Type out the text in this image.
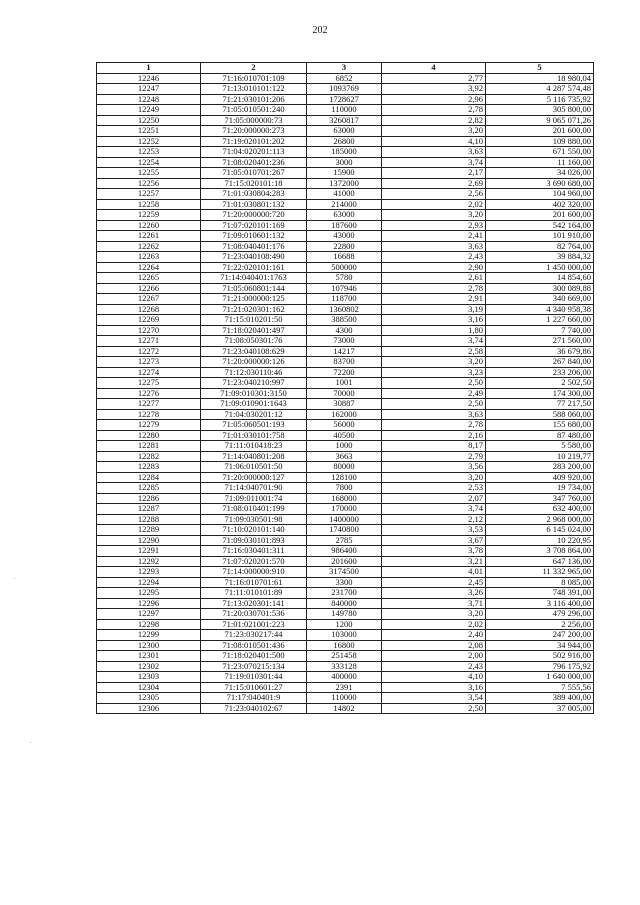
202
1	2	3	4	5
12246	71:16:010701:109	6852	2,77	18 980,04
12247	71:13:010101:122	1093769	3,92	4 287 574,48
12248	71:21:030101:206	1728627	2,96	5 116 735,92
12249	71:05:010501:240	110000	2,78	305 800,00
12250	71:05:000000:73	3260817	2,82	9 065 071,26
12251	71:20:000000:273	63000	3,20	201 600,00
12252	71:19:020101:202	26800	4,10	109 880,00
12253	71:04:020201:113	185000	3,63	671 550,00
12254	71:08:020401:236	3000	3,74	11 160,00
12255	71:05:010701:267	15900	2,17	34 026,00
12256	71:15:020101:18	1372000	2,69	3 690 680,00
12257	71:01:030804:283	41000	2,56	104 960,00
12258	71:01:030801:132	214000	2,02	402 320,00
12259	71:20:000000:720	63000	3,20	201 600,00
12260	71:07:020101:169	187600	2,93	542 164,00
12261	71:09:010601:132	43000	2,41	101 910,00
12262	71:08:040401:176	22800	3,63	82 764,00
12263	71:23:040108:490	16688	2,43	39 884,32
12264	71:22:020101:161	500000	2,90	1 450 000,00
12265	71:14:040401:1763	5780	2,61	14 854,60
12266	71:05:060801:144	107946	2,78	300 089,88
12267	71:21:000000:125	118700	2,91	340 669,00
12268	71:21:020301:162	1360802	3,19	4 340 958,38
12269	71:15:010201:50	388500	3,16	1 227 660,00
12270	71:18:020401:497	4300	1,80	7 740,00
12271	71:08:050301:76	73000	3,74	271 560,00
12272	71:23:040108:629	14217	2,58	36 679,86
12273	71:20:000000:126	83700	3,20	267 840,00
12274	71:12:030110:46	72200	3,23	233 206,00
12275	71:23:040210:997	1001	2,50	2 502,50
12276	71:09:010301:3150	70000	2,49	174 300,00
12277	71:09:010901:1643	30887	2,50	77 217,50
12278	71:04:030201:12	162000	3,63	588 060,00
12279	71:05:060501:193	56000	2,78	155 680,00
12280	71:01:030101:758	40500	2,16	87 480,00
12281	71:11:010418:23	1000	8,17	5 580,00
12282	71:14:040801:208	3663	2,79	10 219,77
12283	71:06:010501:50	80000	3,56	283 200,00
12284	71:20:000000:127	128100	3,20	409 920,00
12285	71:14:040701:90	7800	2,53	19 734,00
12286	71:09:011001:74	168000	2,07	347 760,00
12287	71:08:010401:199	170000	3,74	632 400,00
12288	71:09:030501:98	1400000	2,12	2 968 000,00
12289	71:10:020101:140	1740800	3,53	6 145 024,00
12290	71:09:030101:893	2785	3,67	10 220,95
12291	71:16:030401:311	986400	3,78	3 708 864,00
12292	71:07:020201:570	201600	3,21	647 136,00
12293	71:14:000000:910	3174500	4,01	11 332 965,00
12294	71:16:010701:61	3300	2,45	8 085,00
12295	71:11:010101:89	231700	3,26	748 391,00
12296	71:13:020301:141	840000	3,71	3 116 400,00
12297	71:20:030701:536	149780	3,20	479 296,00
12298	71:01:021001:223	1200	2,02	2 256,00
12299	71:23:030217:44	103000	2,40	247 200,00
12300	71:08:010501:436	16800	2,08	34 944,00
12301	71:18:020401:500	251458	2,00	502 916,00
12302	71:23:070215:134	333128	2,43	796 175,92
12303	71:19:010301:44	400000	4,10	1 640 000,00
12304	71:15:010601:27	2391	3,16	7 555,56
12305	71:17:040401:9	110000	3,54	389 400,00
12306	71:23:040102:67	14802	2,50	37 005,00
